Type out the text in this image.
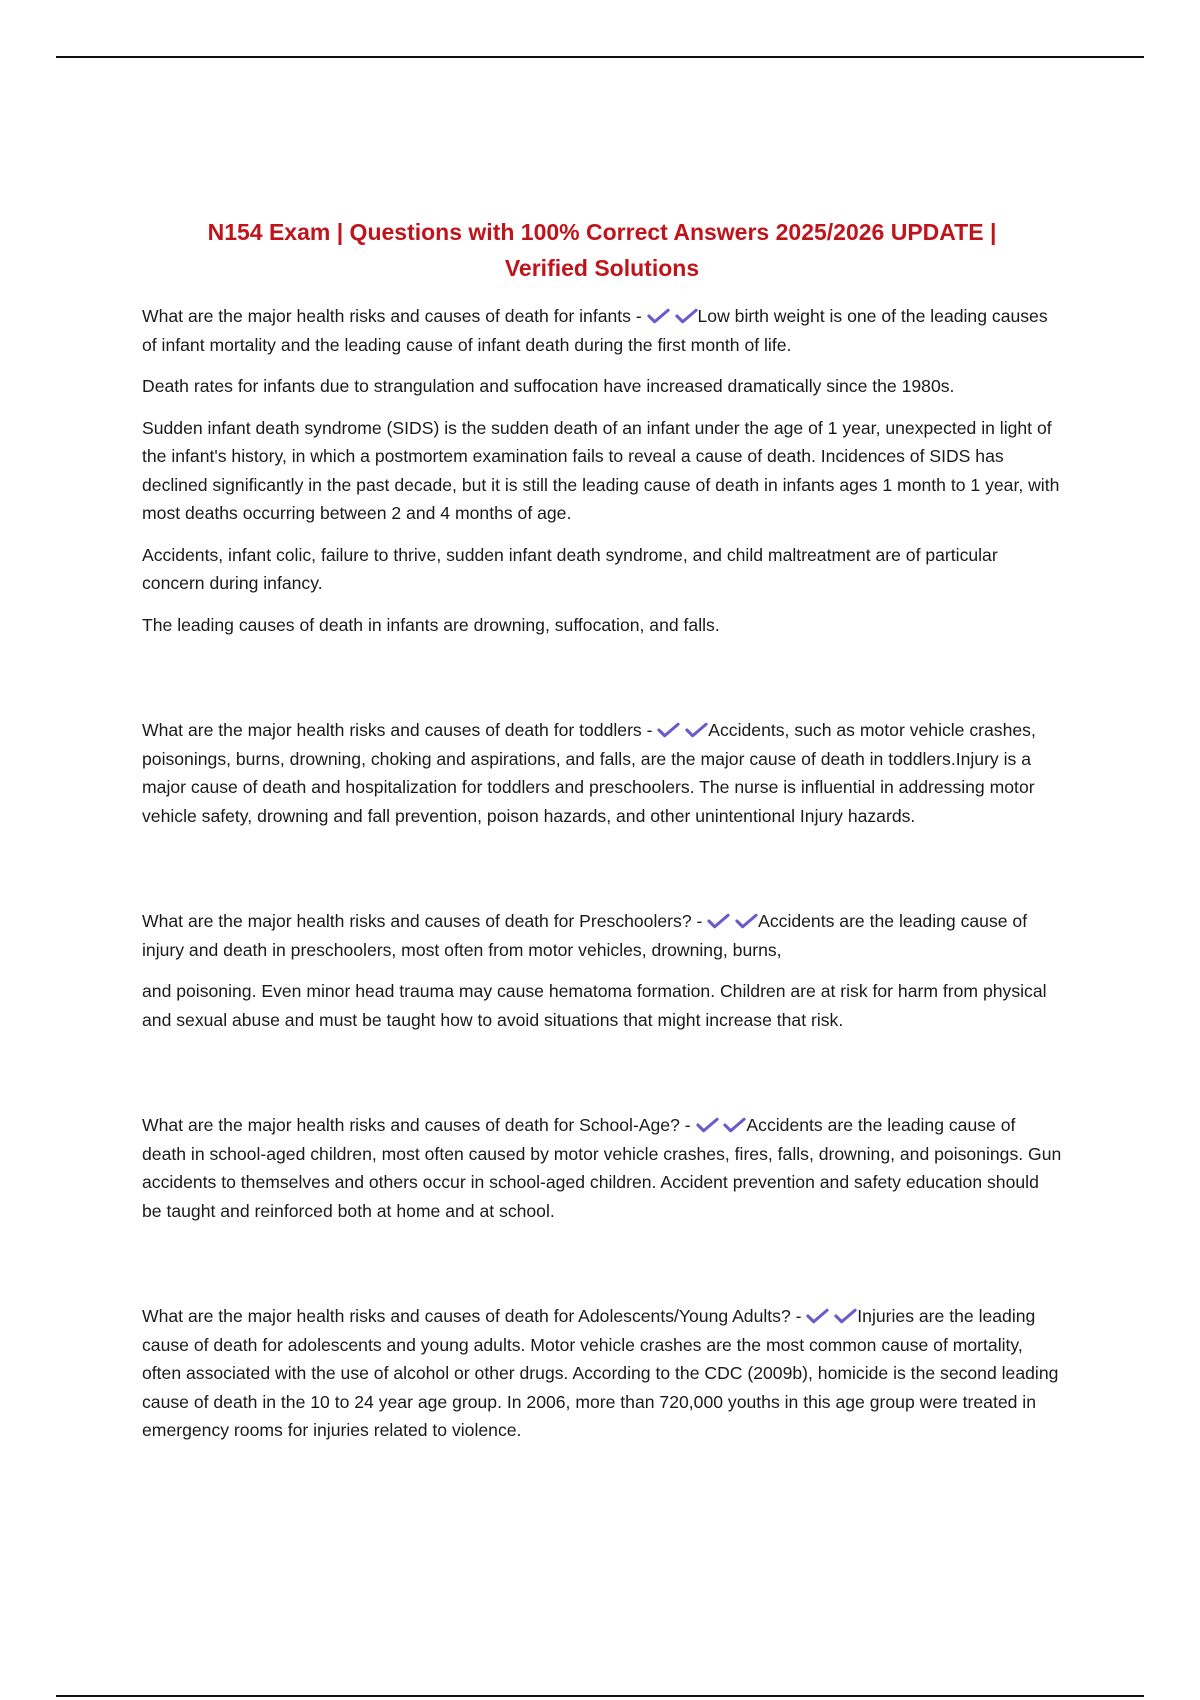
N154 Exam | Questions with 100% Correct Answers 2025/2026 UPDATE |
Verified Solutions

What are the major health risks and causes of death for infants -
	Low birth weight is one of the leading causes of infant mortality and the leading cause of infant death during the first month of life.

Death rates for infants due to strangulation and suffocation have increased dramatically since the 1980s.

Sudden infant death syndrome (SIDS) is the sudden death of an infant under the age of 1 year, unexpected in light of the infant's history, in which a postmortem examination fails to reveal a cause of death. Incidences of SIDS has declined significantly in the past decade, but it is still the leading cause of death in infants ages 1 month to 1 year, with most deaths occurring between 2 and 4 months of age.

Accidents, infant colic, failure to thrive, sudden infant death syndrome, and child maltreatment are of particular concern during infancy.

The leading causes of death in infants are drowning, suffocation, and falls.

What are the major health risks and causes of death for toddlers -
	Accidents, such as motor vehicle crashes, poisonings, burns, drowning, choking and aspirations, and falls, are the major cause of death in toddlers.Injury is a major cause of death and hospitalization for toddlers and preschoolers. The nurse is influential in addressing motor vehicle safety, drowning and fall prevention, poison hazards, and other unintentional Injury hazards.

What are the major health risks and causes of death for Preschoolers? -
	Accidents are the leading cause of injury and death in preschoolers, most often from motor vehicles, drowning, burns,

and poisoning. Even minor head trauma may cause hematoma formation. Children are at risk for harm from physical and sexual abuse and must be taught how to avoid situations that might increase that risk.

What are the major health risks and causes of death for School-Age? -
	Accidents are the leading cause of death in school-aged children, most often caused by motor vehicle crashes, fires, falls, drowning, and poisonings. Gun accidents to themselves and others occur in school-aged children. Accident prevention and safety education should be taught and reinforced both at home and at school.

What are the major health risks and causes of death for Adolescents/Young Adults? -
	Injuries are the leading cause of death for adolescents and young adults. Motor vehicle crashes are the most common cause of mortality, often associated with the use of alcohol or other drugs. According to the CDC (2009b), homicide is the second leading cause of death in the 10 to 24 year age group. In 2006, more than 720,000 youths in this age group were treated in emergency rooms for injuries related to violence.
